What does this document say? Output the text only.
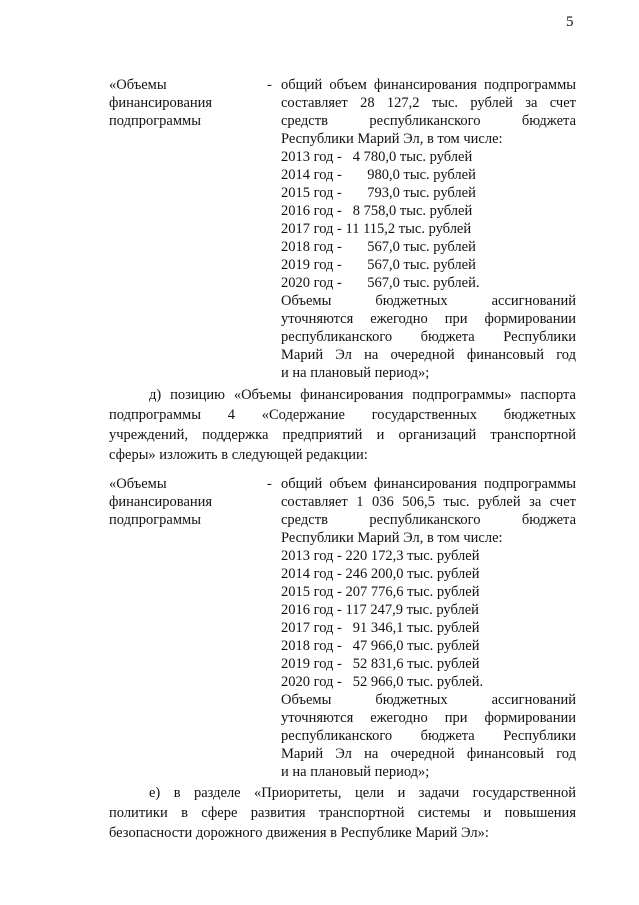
5
«Объемы
финансирования
подпрограммы
- общий объем финансирования подпрограммы
составляет 28 127,2 тыс. рублей за счет
средств республиканского бюджета
Республики Марий Эл, в том числе:
2013 год -   4 780,0 тыс. рублей
2014 год -       980,0 тыс. рублей
2015 год -       793,0 тыс. рублей
2016 год -   8 758,0 тыс. рублей
2017 год - 11 115,2 тыс. рублей
2018 год -       567,0 тыс. рублей
2019 год -       567,0 тыс. рублей
2020 год -       567,0 тыс. рублей.
Объемы бюджетных ассигнований
уточняются ежегодно при формировании
республиканского бюджета Республики
Марий Эл на очередной финансовый год
и на плановый период»;
д) позицию «Объемы финансирования подпрограммы» паспорта
подпрограммы 4 «Содержание государственных бюджетных
учреждений, поддержка предприятий и организаций транспортной
сферы» изложить в следующей редакции:
«Объемы
финансирования
подпрограммы
- общий объем финансирования подпрограммы
составляет 1 036 506,5 тыс. рублей за счет
средств республиканского бюджета
Республики Марий Эл, в том числе:
2013 год - 220 172,3 тыс. рублей
2014 год - 246 200,0 тыс. рублей
2015 год - 207 776,6 тыс. рублей
2016 год - 117 247,9 тыс. рублей
2017 год -   91 346,1 тыс. рублей
2018 год -   47 966,0 тыс. рублей
2019 год -   52 831,6 тыс. рублей
2020 год -   52 966,0 тыс. рублей.
Объемы бюджетных ассигнований
уточняются ежегодно при формировании
республиканского бюджета Республики
Марий Эл на очередной финансовый год
и на плановый период»;
е) в разделе «Приоритеты, цели и задачи государственной
политики в сфере развития транспортной системы и повышения
безопасности дорожного движения в Республике Марий Эл»:
